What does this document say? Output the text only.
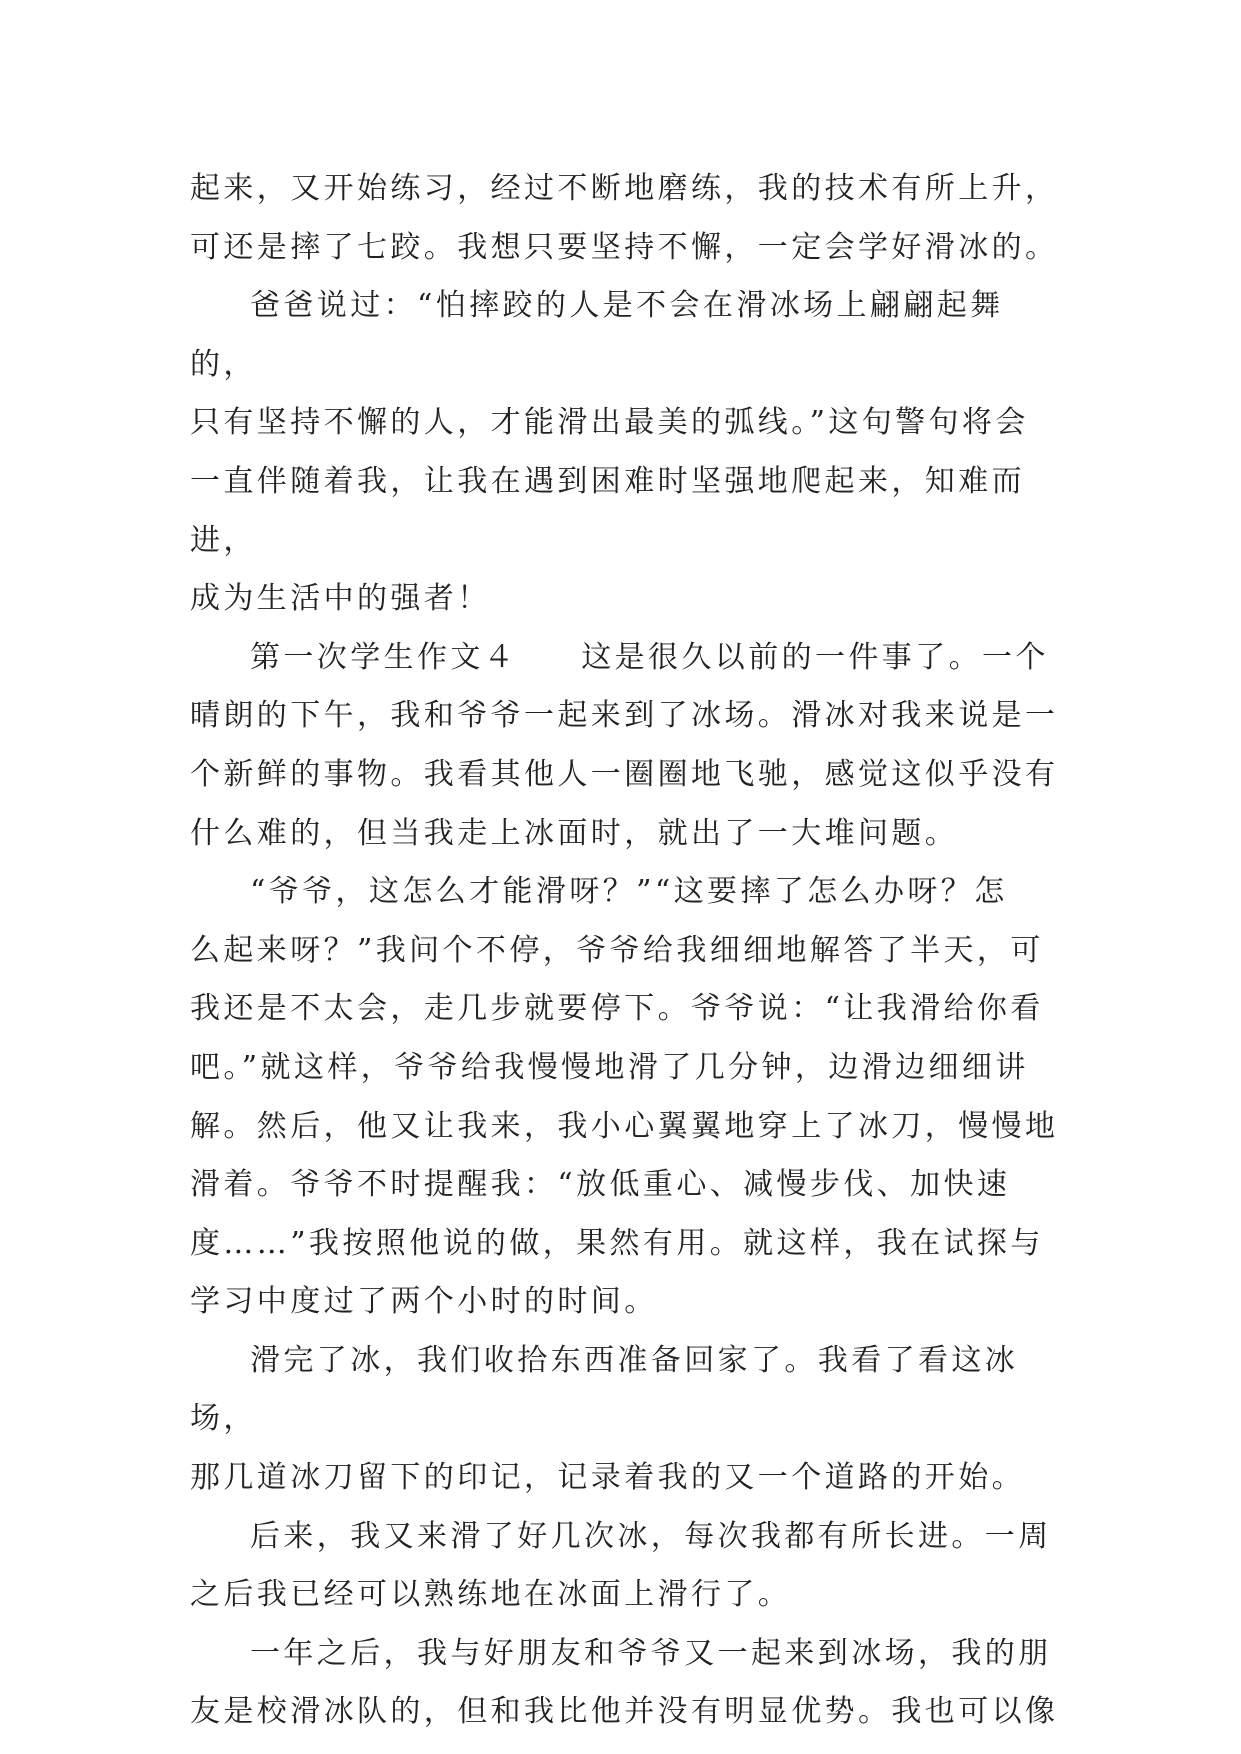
起来，又开始练习，经过不断地磨练，我的技术有所上升，
可还是摔了七跤。我想只要坚持不懈，一定会学好滑冰的。

爸爸说过：“怕摔跤的人是不会在滑冰场上翩翩起舞的，
只有坚持不懈的人，才能滑出最美的弧线。”这句警句将会
一直伴随着我，让我在遇到困难时坚强地爬起来，知难而进，
成为生活中的强者！

第一次学生作文４ 这是很久以前的一件事了。一个
晴朗的下午，我和爷爷一起来到了冰场。滑冰对我来说是一
个新鲜的事物。我看其他人一圈圈地飞驰，感觉这似乎没有
什么难的，但当我走上冰面时，就出了一大堆问题。

“爷爷，这怎么才能滑呀？”“这要摔了怎么办呀？怎
么起来呀？”我问个不停，爷爷给我细细地解答了半天，可
我还是不太会，走几步就要停下。爷爷说：“让我滑给你看
吧。”就这样，爷爷给我慢慢地滑了几分钟，边滑边细细讲
解。然后，他又让我来，我小心翼翼地穿上了冰刀，慢慢地
滑着。爷爷不时提醒我：“放低重心、减慢步伐、加快速
度……”我按照他说的做，果然有用。就这样，我在试探与
学习中度过了两个小时的时间。

滑完了冰，我们收拾东西准备回家了。我看了看这冰场，
那几道冰刀留下的印记，记录着我的又一个道路的开始。

后来，我又来滑了好几次冰，每次我都有所长进。一周
之后我已经可以熟练地在冰面上滑行了。

一年之后，我与好朋友和爷爷又一起来到冰场，我的朋
友是校滑冰队的，但和我比他并没有明显优势。我也可以像
